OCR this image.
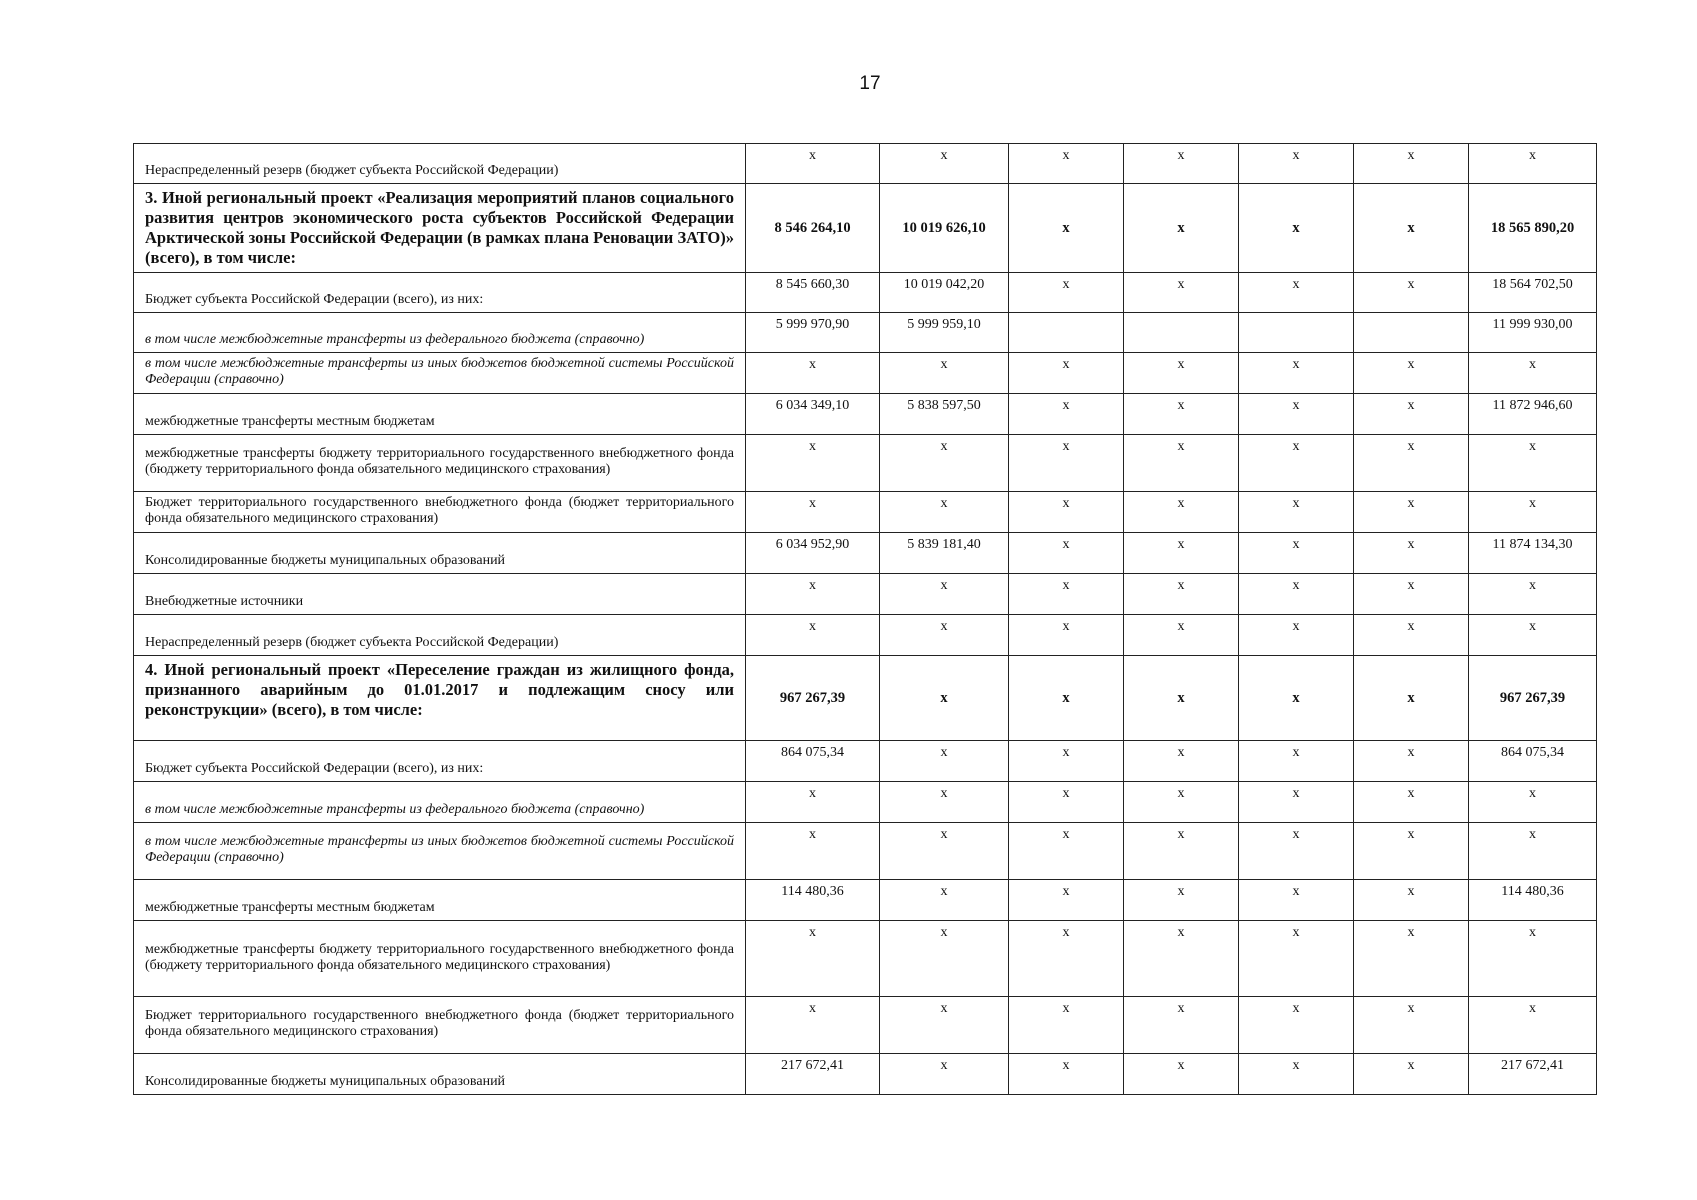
17
Нераспределенный резерв (бюджет субъекта Российской Федерации)	х	х	х	х	х	х	х
3. Иной региональный проект «Реализация мероприятий планов социального развития центров экономического роста субъектов Российской Федерации Арктической зоны Российской Федерации (в рамках плана Реновации ЗАТО)» (всего), в том числе:	8 546 264,10	10 019 626,10	х	х	х	х	18 565 890,20
Бюджет субъекта Российской Федерации (всего), из них:	8 545 660,30	10 019 042,20	х	х	х	х	18 564 702,50
в том числе межбюджетные трансферты из федерального бюджета (справочно)	5 999 970,90	5 999 959,10					11 999 930,00
в том числе межбюджетные трансферты из иных бюджетов бюджетной системы Российской Федерации (справочно)	х	х	х	х	х	х	х
межбюджетные трансферты местным бюджетам	6 034 349,10	5 838 597,50	х	х	х	х	11 872 946,60
межбюджетные трансферты бюджету территориального государственного внебюджетного фонда (бюджету территориального фонда обязательного медицинского страхования)	х	х	х	х	х	х	х
Бюджет территориального государственного внебюджетного фонда (бюджет территориального фонда обязательного медицинского страхования)	х	х	х	х	х	х	х
Консолидированные бюджеты муниципальных образований	6 034 952,90	5 839 181,40	х	х	х	х	11 874 134,30
Внебюджетные источники	х	х	х	х	х	х	х
Нераспределенный резерв (бюджет субъекта Российской Федерации)	х	х	х	х	х	х	х
4. Иной региональный проект «Переселение граждан из жилищного фонда, признанного аварийным до 01.01.2017 и подлежащим сносу или реконструкции» (всего), в том числе:	967 267,39	х	х	х	х	х	967 267,39
Бюджет субъекта Российской Федерации (всего), из них:	864 075,34	х	х	х	х	х	864 075,34
в том числе межбюджетные трансферты из федерального бюджета (справочно)	х	х	х	х	х	х	х
в том числе межбюджетные трансферты из иных бюджетов бюджетной системы Российской Федерации (справочно)	х	х	х	х	х	х	х
межбюджетные трансферты местным бюджетам	114 480,36	х	х	х	х	х	114 480,36
межбюджетные трансферты бюджету территориального государственного внебюджетного фонда (бюджету территориального фонда обязательного медицинского страхования)	х	х	х	х	х	х	х
Бюджет территориального государственного внебюджетного фонда (бюджет территориального фонда обязательного медицинского страхования)	х	х	х	х	х	х	х
Консолидированные бюджеты муниципальных образований	217 672,41	х	х	х	х	х	217 672,41
